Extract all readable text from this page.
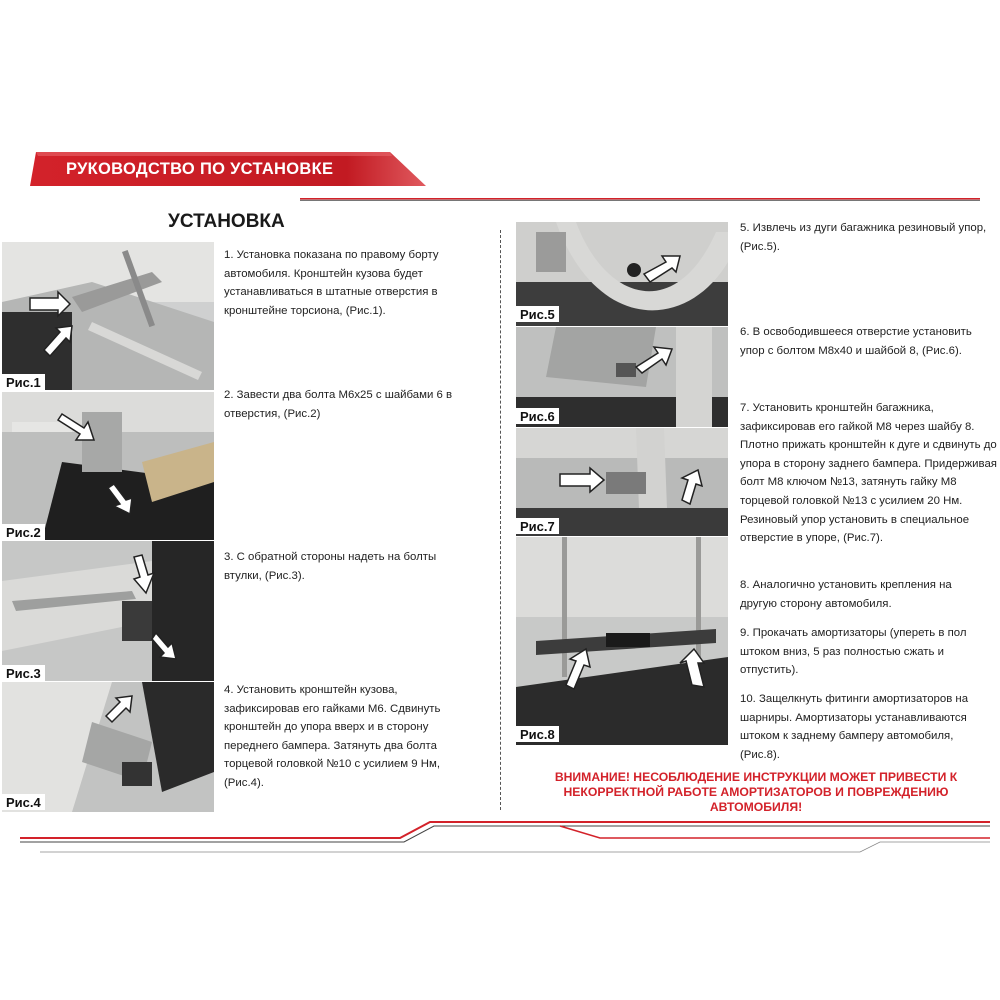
РУКОВОДСТВО ПО УСТАНОВКЕ
УСТАНОВКА
Рис.1
Рис.2
Рис.3
Рис.4
Рис.5
Рис.6
Рис.7
Рис.8
1. Установка показана по правому борту автомобиля. Кронштейн кузова будет устанавливаться в штатные отверстия в кронштейне торсиона, (Рис.1).
2. Завести два болта М6х25 с шайбами 6 в отверстия, (Рис.2)
3. С обратной стороны надеть на болты втулки, (Рис.3).
4. Установить кронштейн кузова, зафиксировав его гайками М6. Сдвинуть кронштейн до упора вверх и в сторону переднего бампера. Затянуть два болта торцевой головкой №10 с усилием 9 Нм, (Рис.4).
5. Извлечь из дуги багажника резиновый упор, (Рис.5).
6. В освободившееся отверстие установить упор с болтом М8х40 и шайбой 8, (Рис.6).
7. Установить кронштейн багажника, зафиксировав его гайкой М8 через шайбу 8. Плотно прижать кронштейн к дуге и сдвинуть до упора в сторону заднего бампера. Придерживая болт М8 ключом №13, затянуть гайку М8 торцевой головкой №13 с усилием 20 Нм. Резиновый упор установить в специальное отверстие в упоре, (Рис.7).
8. Аналогично установить крепления на другую сторону автомобиля.
9. Прокачать амортизаторы (упереть в пол штоком вниз, 5 раз полностью сжать и отпустить).
10. Защелкнуть фитинги амортизаторов на шарниры. Амортизаторы устанавливаются штоком к заднему бамперу автомобиля, (Рис.8).
ВНИМАНИЕ! НЕСОБЛЮДЕНИЕ ИНСТРУКЦИИ МОЖЕТ ПРИВЕСТИ К
НЕКОРРЕКТНОЙ РАБОТЕ АМОРТИЗАТОРОВ И ПОВРЕЖДЕНИЮ
АВТОМОБИЛЯ!
